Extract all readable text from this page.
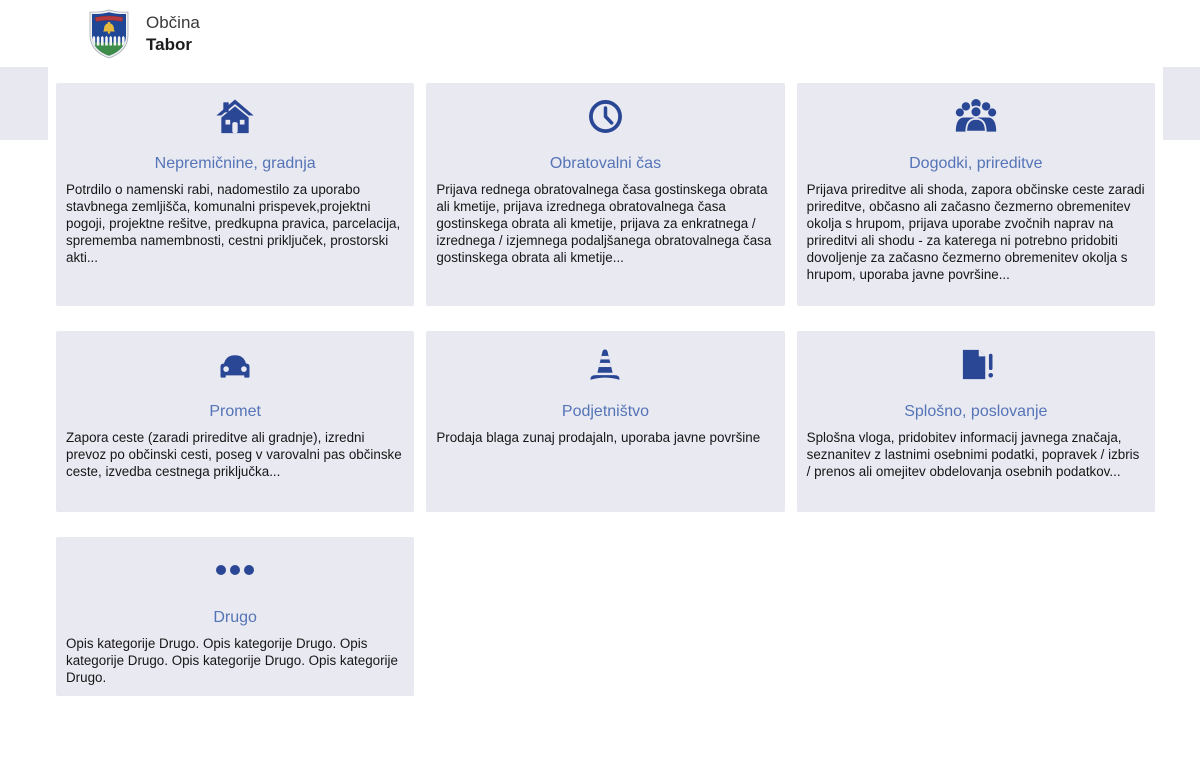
Občina
Tabor
Nepremičnine, gradnja
Potrdilo o namenski rabi, nadomestilo za uporabo stavbnega zemljišča, komunalni prispevek,projektni pogoji, projektne rešitve, predkupna pravica, parcelacija, sprememba namembnosti, cestni priključek, prostorski akti...
Obratovalni čas
Prijava rednega obratovalnega časa gostinskega obrata ali kmetije, prijava izrednega obratovalnega časa gostinskega obrata ali kmetije, prijava za enkratnega / izrednega / izjemnega podaljšanega obratovalnega časa gostinskega obrata ali kmetije...
Dogodki, prireditve
Prijava prireditve ali shoda, zapora občinske ceste zaradi prireditve, občasno ali začasno čezmerno obremenitev okolja s hrupom, prijava uporabe zvočnih naprav na prireditvi ali shodu - za katerega ni potrebno pridobiti dovoljenje za začasno čezmerno obremenitev okolja s hrupom, uporaba javne površine...
Promet
Zapora ceste (zaradi prireditve ali gradnje), izredni prevoz po občinski cesti, poseg v varovalni pas občinske ceste, izvedba cestnega priključka...
Podjetništvo
Prodaja blaga zunaj prodajaln, uporaba javne površine
Splošno, poslovanje
Splošna vloga, pridobitev informacij javnega značaja, seznanitev z lastnimi osebnimi podatki, popravek / izbris / prenos ali omejitev obdelovanja osebnih podatkov...
Drugo
Opis kategorije Drugo. Opis kategorije Drugo. Opis kategorije Drugo. Opis kategorije Drugo. Opis kategorije Drugo.
